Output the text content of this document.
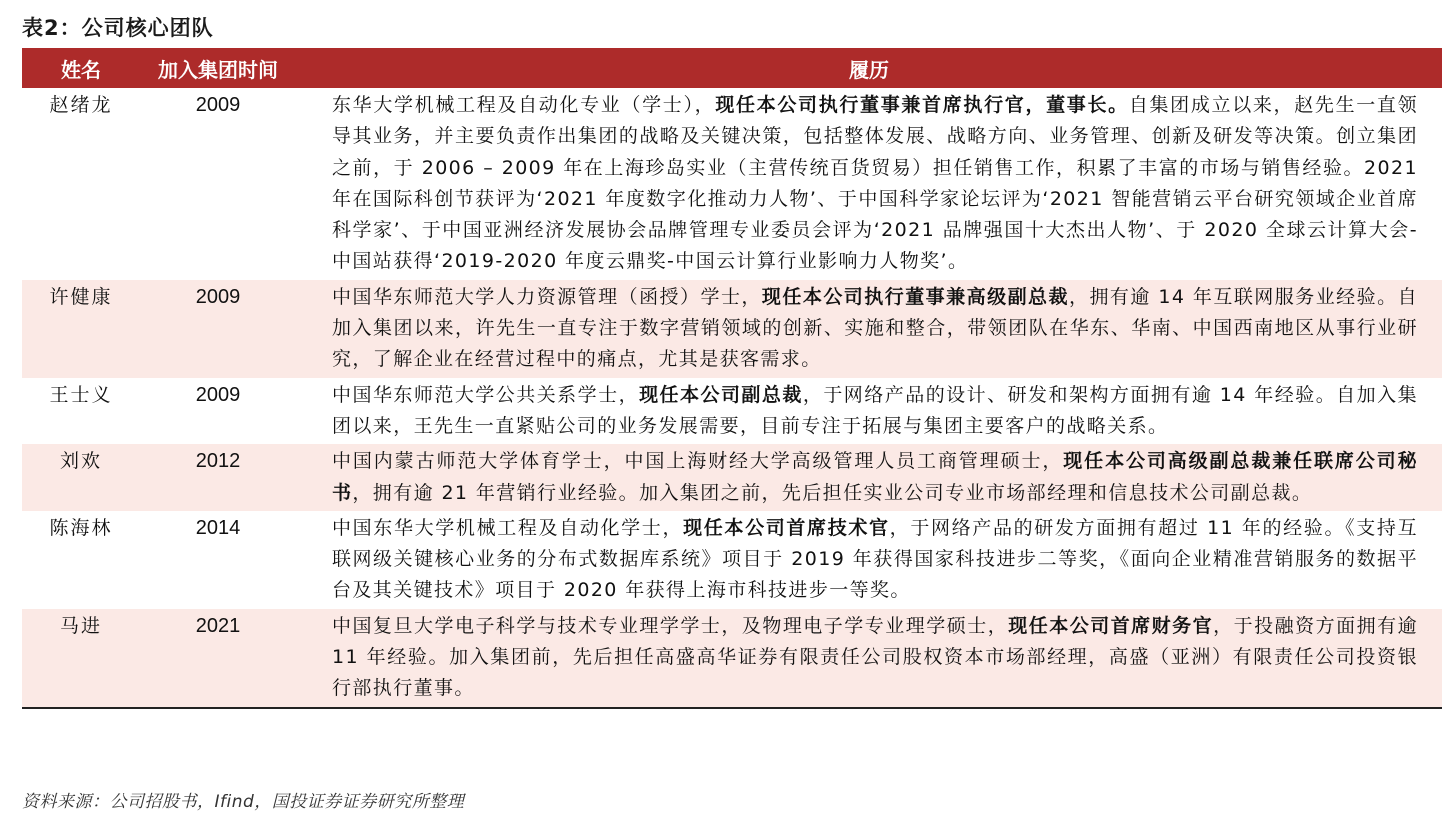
表2：公司核心团队
姓名	加入集团时间	履历
赵绪龙	2009	东华大学机械工程及自动化专业（学士），现任本公司执行董事兼首席执行官，董事长。自集团成立以来，赵先生一直领导其业务，并主要负责作出集团的战略及关键决策，包括整体发展、战略方向、业务管理、创新及研发等决策。创立集团之前，于 2006 – 2009 年在上海珍岛实业（主营传统百货贸易）担任销售工作，积累了丰富的市场与销售经验。2021 年在国际科创节获评为‘2021 年度数字化推动力人物’、于中国科学家论坛评为‘2021 智能营销云平台研究领域企业首席科学家’、于中国亚洲经济发展协会品牌管理专业委员会评为‘2021 品牌强国十大杰出人物’、于 2020 全球云计算大会-中国站获得‘2019-2020 年度云鼎奖-中国云计算行业影响力人物奖’。
许健康	2009	中国华东师范大学人力资源管理（函授）学士，现任本公司执行董事兼高级副总裁，拥有逾 14 年互联网服务业经验。自加入集团以来，许先生一直专注于数字营销领域的创新、实施和整合，带领团队在华东、华南、中国西南地区从事行业研究，了解企业在经营过程中的痛点，尤其是获客需求。
王士义	2009	中国华东师范大学公共关系学士，现任本公司副总裁，于网络产品的设计、研发和架构方面拥有逾 14 年经验。自加入集团以来，王先生一直紧贴公司的业务发展需要，目前专注于拓展与集团主要客户的战略关系。
刘欢	2012	中国内蒙古师范大学体育学士，中国上海财经大学高级管理人员工商管理硕士，现任本公司高级副总裁兼任联席公司秘书，拥有逾 21 年营销行业经验。加入集团之前，先后担任实业公司专业市场部经理和信息技术公司副总裁。
陈海林	2014	中国东华大学机械工程及自动化学士，现任本公司首席技术官，于网络产品的研发方面拥有超过 11 年的经验。《支持互联网级关键核心业务的分布式数据库系统》项目于 2019 年获得国家科技进步二等奖，《面向企业精准营销服务的数据平台及其关键技术》项目于 2020 年获得上海市科技进步一等奖。
马进	2021	中国复旦大学电子科学与技术专业理学学士，及物理电子学专业理学硕士，现任本公司首席财务官，于投融资方面拥有逾 11 年经验。加入集团前，先后担任高盛高华证券有限责任公司股权资本市场部经理，高盛（亚洲）有限责任公司投资银行部执行董事。
资料来源：公司招股书，Ifind，国投证券证券研究所整理
